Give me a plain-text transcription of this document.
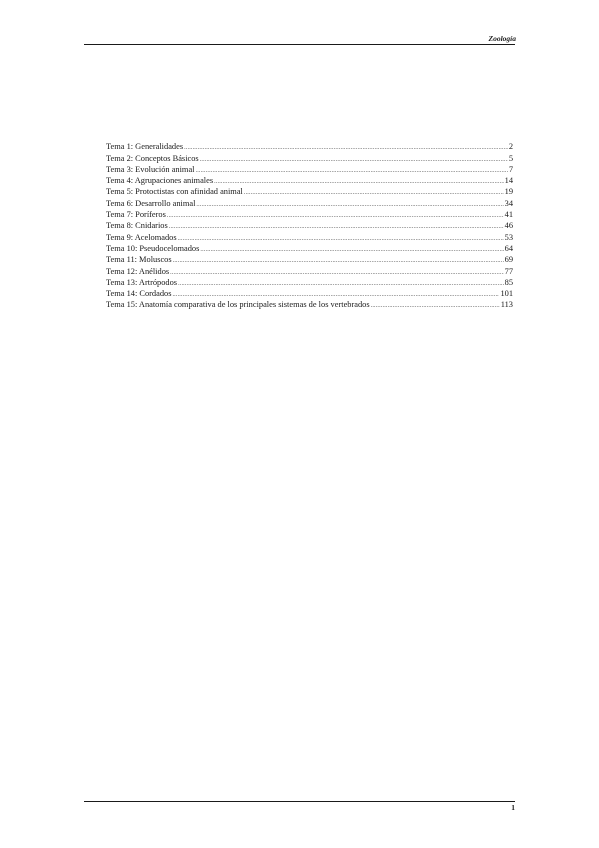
Zoología
Tema 1: Generalidades .....	2
Tema 2: Conceptos Básicos .....	5
Tema 3: Evolución animal .....	7
Tema 4: Agrupaciones animales .....	14
Tema 5: Protoctistas con afinidad animal .....	19
Tema 6: Desarrollo animal .....	34
Tema 7: Poríferos .....	41
Tema 8: Cnidarios .....	46
Tema 9: Acelomados .....	53
Tema 10: Pseudocelomados .....	64
Tema 11: Moluscos .....	69
Tema 12: Anélidos .....	77
Tema 13: Artrópodos .....	85
Tema 14: Cordados .....	101
Tema 15: Anatomía comparativa de los principales sistemas de los vertebrados .....	113
1
